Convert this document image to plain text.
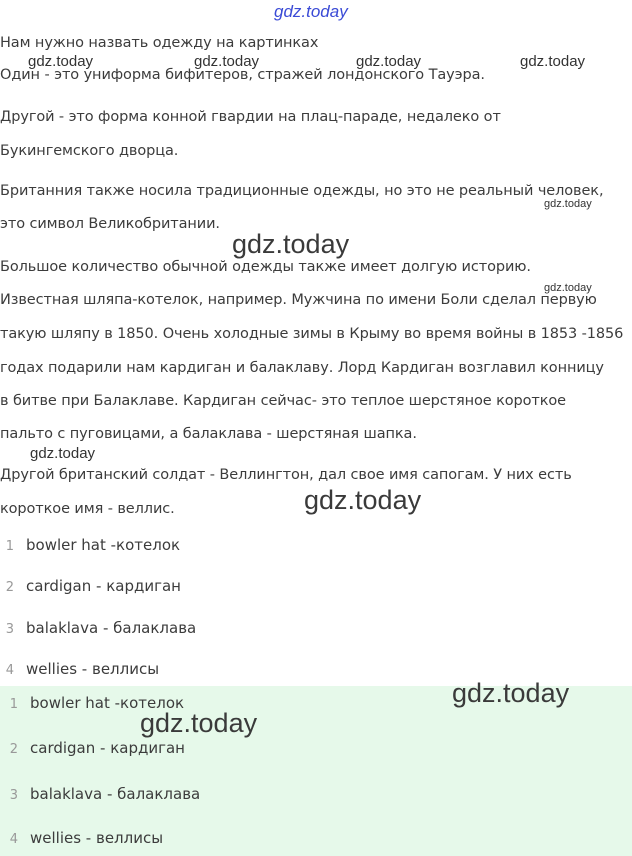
Нам нужно назвать одежду на картинках
Один - это униформа бифитеров, стражей лондонского Тауэра.
Другой - это форма конной гвардии на плац-параде, недалеко от
Букингемского дворца.
Британния также носила традиционные одежды, но это не реальный человек,
это символ Великобритании.
Большое количество обычной одежды также имеет долгую историю.
Известная шляпа-котелок, например. Мужчина по имени Боли сделал первую
такую шляпу в 1850. Очень холодные зимы в Крыму во время войны в 1853 -1856
годах подарили нам кардиган и балаклаву. Лорд Кардиган возглавил конницу
в битве при Балаклаве. Кардиган сейчас- это теплое шерстяное короткое
пальто с пуговицами, а балаклава - шерстяная шапка.
Другой британский солдат - Веллингтон, дал свое имя сапогам. У них есть
короткое имя - веллис.
1 bowler hat -котелок
2 cardigan - кардиган
3 balaklava - балаклава
4 wellies - веллисы
1 bowler hat -котелок
2 cardigan - кардиган
3 balaklava - балаклава
4 wellies - веллисы
gdz.today
gdz.today	gdz.today	gdz.today	gdz.today
gdz.today
gdz.today
gdz.today
gdz.today
gdz.today
gdz.today
gdz.today
